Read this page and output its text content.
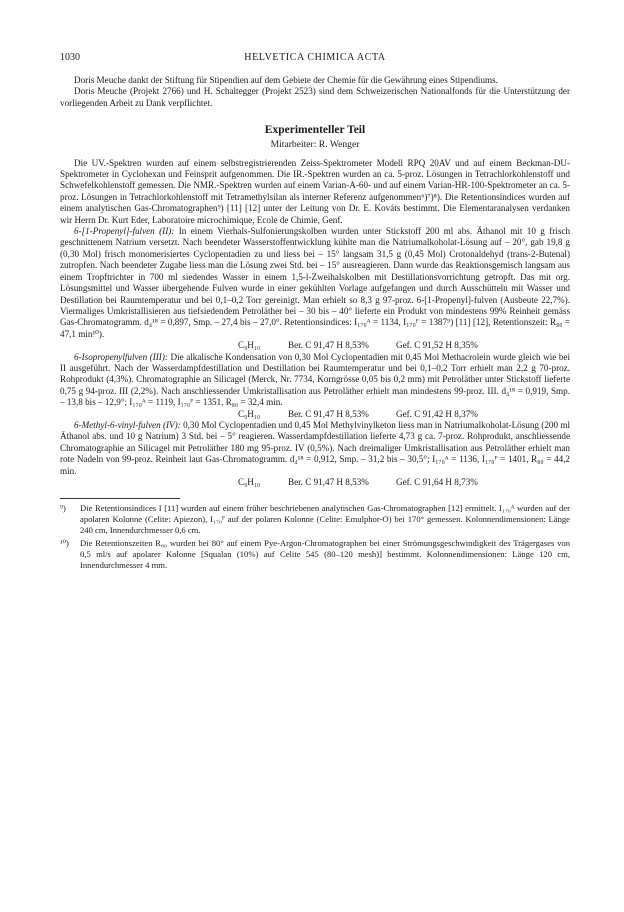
1030	HELVETICA CHIMICA ACTA

Doris Meuche dankt der Stiftung für Stipendien auf dem Gebiete der Chemie für die Gewährung eines Stipendiums.

Doris Meuche (Projekt 2766) und H. Schaltegger (Projekt 2523) sind dem Schweizerischen Nationalfonds für die Unterstützung der vorliegenden Arbeit zu Dank verpflichtet.

Experimenteller Teil
Mitarbeiter: R. Wenger

Die UV.-Spektren wurden auf einem selbstregistrierenden Zeiss-Spektrometer Modell RPQ 20AV und auf einem Beckman-DU-Spektrometer in Cyclohexan und Feinsprit aufgenommen. Die IR.-Spektren wurden an ca. 5-proz. Lösungen in Tetrachlorkohlenstoff und Schwefelkohlenstoff gemessen. Die NMR.-Spektren wurden auf einem Varian-A-60- und auf einem Varian-HR-100-Spektrometer an ca. 5-proz. Lösungen in Tetrachlorkohlenstoff mit Tetramethylsilan als interner Referenz aufgenommen⁶)⁷)⁸). Die Retentionsindices wurden auf einem analytischen Gas-Chromatographen⁹) [11] [12] unter der Leitung von Dr. E. Kováts bestimmt. Die Elementaranalysen verdanken wir Herrn Dr. Kurt Eder, Laboratoire microchimique, Ecole de Chimie, Genf.

6-[1-Propenyl]-fulven (II): In einem Vierhals-Sulfonierungskolben wurden unter Stickstoff 200 ml abs. Äthanol mit 10 g frisch geschnittenem Natrium versetzt. Nach beendeter Wasserstoffentwicklung kühlte man die Natriumalkoholat-Lösung auf – 20°, gab 19,8 g (0,30 Mol) frisch monomerisiertes Cyclopentadien zu und liess bei – 15° langsam 31,5 g (0,45 Mol) Crotonaldehyd (trans-2-Butenal) zutropfen. Nach beendeter Zugabe liess man die Lösung zwei Std. bei – 15° ausreagieren. Dann wurde das Reaktionsgemisch langsam aus einem Tropftrichter in 700 ml siedendes Wasser in einem 1,5-l-Zweihalskolben mit Destillationsvorrichtung getropft. Das mit org. Lösungsmittel und Wasser übergehende Fulven wurde in einer gekühlten Vorlage aufgefangen und durch Ausschütteln mit Wasser und Destillation bei Raumtemperatur und bei 0,1–0,2 Torr gereinigt. Man erhielt so 8,3 g 97-proz. 6-[1-Propenyl]-fulven (Ausbeute 22,7%). Viermaliges Umkristallisieren aus tiefsiedendem Petroläther bei – 30 bis – 40° lieferte ein Produkt von mindestens 99% Reinheit gemäss Gas-Chromatogramm. d₄¹⁸ = 0,897, Smp. – 27,4 bis – 27,0°. Retentionsindices: I₁₇₀ᴬ = 1134, I₁₇₀ᴾ = 1387⁹) [11] [12], Retentionszeit: R₈₀ = 47,1 min¹⁰).

C₉H₁₀	Ber. C 91,47 H 8,53%	Gef. C 91,52 H 8,35%

6-Isopropenylfulven (III): Die alkalische Kondensation von 0,30 Mol Cyclopentadien mit 0,45 Mol Methacrolein wurde gleich wie bei II ausgeführt. Nach der Wasserdampfdestillation und Destillation bei Raumtemperatur und bei 0,1–0,2 Torr erhielt man 2,2 g 70-proz. Rohprodukt (4,3%). Chromatographie an Silicagel (Merck, Nr. 7734, Korngrösse 0,05 bis 0,2 mm) mit Petroläther unter Stickstoff lieferte 0,75 g 94-proz. III (2,2%). Nach anschliessender Umkristallisation aus Petroläther erhielt man mindestens 99-proz. III. d₄¹⁸ = 0,919, Smp. – 13,8 bis – 12,9°; I₁₇₀ᴬ = 1119, I₁₇₀ᴾ = 1351, R₈₀ = 32,4 min.

C₉H₁₀	Ber. C 91,47 H 8,53%	Gef. C 91,42 H 8,37%

6-Methyl-6-vinyl-fulven (IV): 0,30 Mol Cyclopentadien und 0,45 Mol Methylvinylketon liess man in Natriumalkoholat-Lösung (200 ml Äthanol abs. und 10 g Natrium) 3 Std. bei – 5° reagieren. Wasserdampfdestillation lieferte 4,73 g ca. 7-proz. Rohprodukt, anschliessende Chromatographie an Silicagel mit Petroläther 180 mg 95-proz. IV (0,5%). Nach dreimaliger Umkristallisation aus Petroläther erhielt man rote Nadeln von 99-proz. Reinheit laut Gas-Chromatogramm. d₄¹⁸ = 0,912, Smp. – 31,2 bis – 30,5°; I₁₇₀ᴬ = 1136, I₁₇₀ᴾ = 1401, R₈₀ = 44,2 min.

C₉H₁₀	Ber. C 91,47 H 8,53%	Gef. C 91,64 H 8,73%

⁹)	Die Retentionsindices I [11] wurden auf einem früher beschriebenen analytischen Gas-Chromatographen [12] ermittelt. I₁₇₀ᴬ wurden auf der apolaren Kolonne (Celite: Apiezon), I₁₇₀ᴾ auf der polaren Kolonne (Celite: Emulphor-O) bei 170° gemessen. Kolonnendimensionen: Länge 240 cm, Innendurchmesser 0,6 cm.
¹⁰)	Die Retentionszeiten R₈₀ wurden bei 80° auf einem Pye-Argon-Chromatographen bei einer Strömungsgeschwindigkeit des Trägergases von 0,5 ml/s auf apolarer Kolonne [Squalan (10%) auf Celite 545 (80–120 mesh)] bestimmt. Kolonnendimensionen: Länge 120 cm, Innendurchmesser 4 mm.
